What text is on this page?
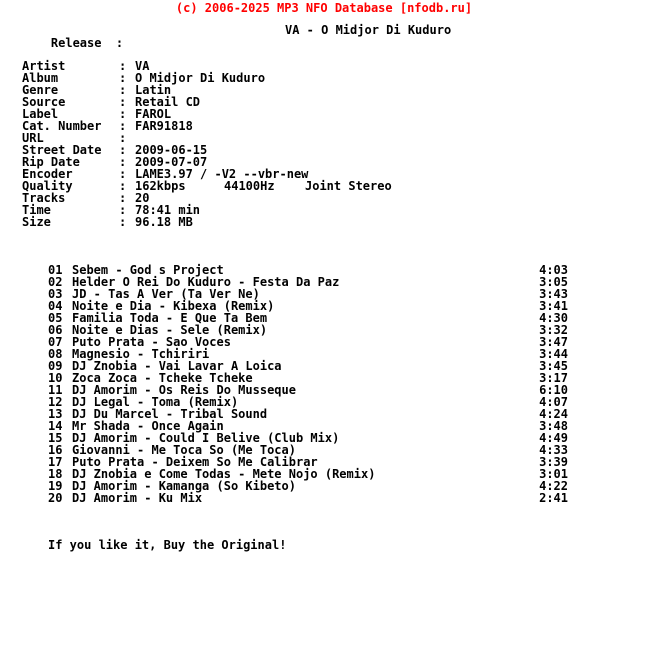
(c) 2006-2025 MP3 NFO Database [nfodb.ru]

Release  :

VA - O Midjor Di Kuduro

Artist	: VA
Album	: O Midjor Di Kuduro
Genre	: Latin
Source	: Retail CD
Label	: FAROL
Cat. Number : FAR91818
URL	:
Street Date : 2009-06-15
Rip Date	: 2009-07-07
Encoder	: LAME3.97 / -V2 --vbr-new
Quality	: 162kbps	44100Hz	Joint Stereo
Tracks	: 20
Time	: 78:41 min
Size	: 96.18 MB
01 Sebem - God s Project	4:03
02 Helder O Rei Do Kuduro - Festa Da Paz	3:05
03 JD - Tas A Ver (Ta Ver Ne)	3:43
04 Noite e Dia - Kibexa (Remix)	3:41
05 Familia Toda - E Que Ta Bem	4:30
06 Noite e Dias - Sele (Remix)	3:32
07 Puto Prata - Sao Voces	3:47
08 Magnesio - Tchiriri	3:44
09 DJ Znobia - Vai Lavar A Loica	3:45
10 Zoca Zoca - Tcheke Tcheke	3:17
11 DJ Amorim - Os Reis Do Musseque	6:10
12 DJ Legal - Toma (Remix)	4:07
13 DJ Du Marcel - Tribal Sound	4:24
14 Mr Shada - Once Again	3:48
15 DJ Amorim - Could I Belive (Club Mix)	4:49
16 Giovanni - Me Toca So (Me Toca)	4:33
17 Puto Prata - Deixem So Me Calibrar	3:39
18 DJ Znobia e Come Todas - Mete Nojo (Remix)	3:01
19 DJ Amorim - Kamanga (So Kibeto)	4:22
20 DJ Amorim - Ku Mix	2:41
If you like it, Buy the Original!
